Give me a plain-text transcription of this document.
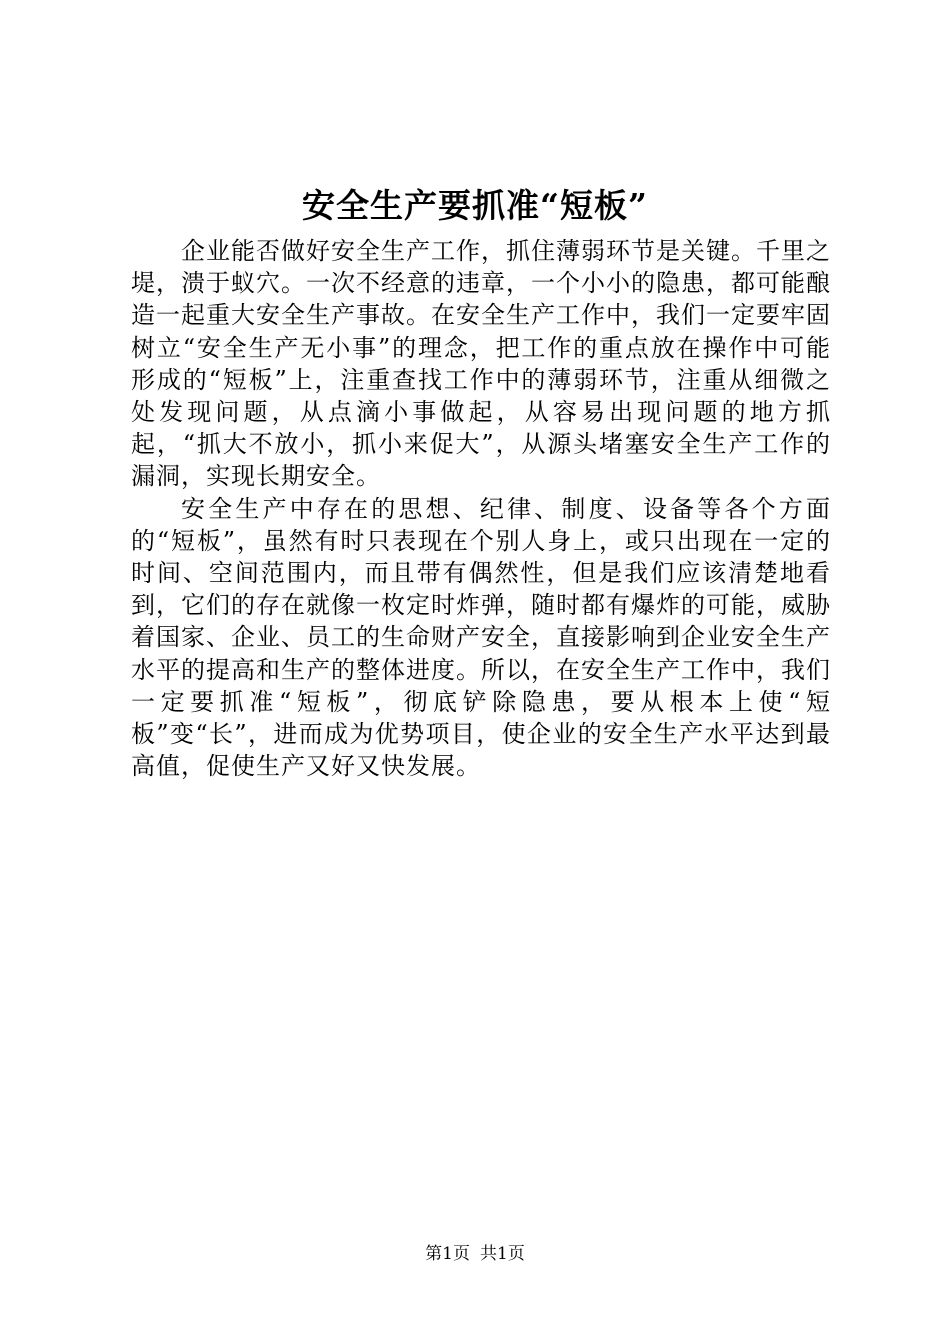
安全生产要抓准“短板”

企业能否做好安全生产工作，抓住薄弱环节是关键。千里之堤，溃于蚁穴。一次不经意的违章，一个小小的隐患，都可能酿造一起重大安全生产事故。在安全生产工作中，我们一定要牢固树立“安全生产无小事”的理念，把工作的重点放在操作中可能形成的“短板”上，注重查找工作中的薄弱环节，注重从细微之处发现问题，从点滴小事做起，从容易出现问题的地方抓起，“抓大不放小，抓小来促大”，从源头堵塞安全生产工作的漏洞，实现长期安全。

安全生产中存在的思想、纪律、制度、设备等各个方面的“短板”，虽然有时只表现在个别人身上，或只出现在一定的时间、空间范围内，而且带有偶然性，但是我们应该清楚地看到，它们的存在就像一枚定时炸弹，随时都有爆炸的可能，威胁着国家、企业、员工的生命财产安全，直接影响到企业安全生产水平的提高和生产的整体进度。所以，在安全生产工作中，我们一定要抓准“短板”，彻底铲除隐患，要从根本上使“短板”变“长”，进而成为优势项目，使企业的安全生产水平达到最高值，促使生产又好又快发展。

第1页 共1页
